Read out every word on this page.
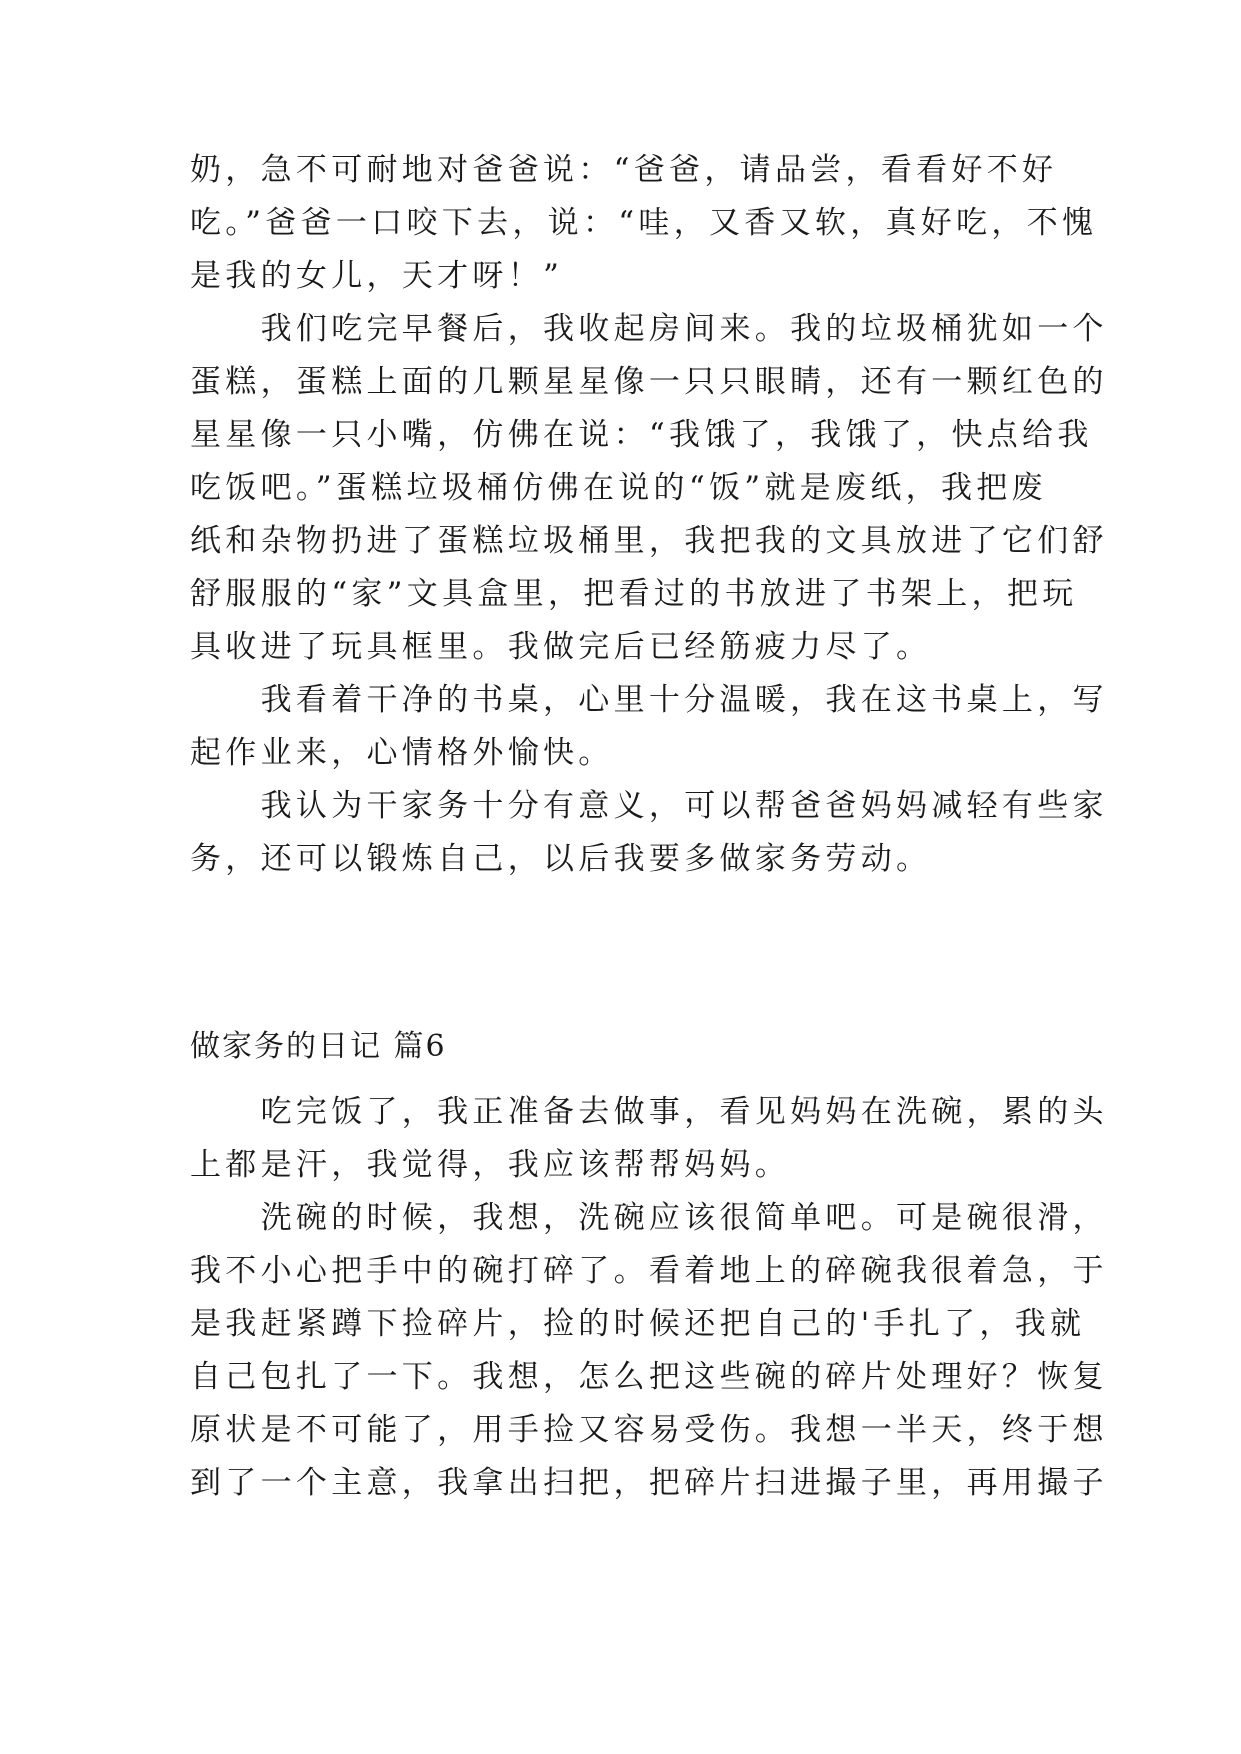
奶，急不可耐地对爸爸说：“爸爸，请品尝，看看好不好
吃。”爸爸一口咬下去，说：“哇，又香又软，真好吃，不愧
是我的女儿，天才呀！”
　　我们吃完早餐后，我收起房间来。我的垃圾桶犹如一个
蛋糕，蛋糕上面的几颗星星像一只只眼睛，还有一颗红色的
星星像一只小嘴，仿佛在说：“我饿了，我饿了，快点给我
吃饭吧。”蛋糕垃圾桶仿佛在说的“饭”就是废纸，我把废
纸和杂物扔进了蛋糕垃圾桶里，我把我的文具放进了它们舒
舒服服的“家”文具盒里，把看过的书放进了书架上，把玩
具收进了玩具框里。我做完后已经筋疲力尽了。
　　我看着干净的书桌，心里十分温暖，我在这书桌上，写
起作业来，心情格外愉快。
　　我认为干家务十分有意义，可以帮爸爸妈妈减轻有些家
务，还可以锻炼自己，以后我要多做家务劳动。
做家务的日记 篇6
　　吃完饭了，我正准备去做事，看见妈妈在洗碗，累的头
上都是汗，我觉得，我应该帮帮妈妈。
　　洗碗的时候，我想，洗碗应该很简单吧。可是碗很滑，
我不小心把手中的碗打碎了。看着地上的碎碗我很着急，于
是我赶紧蹲下捡碎片，捡的时候还把自己的'手扎了，我就
自己包扎了一下。我想，怎么把这些碗的碎片处理好？恢复
原状是不可能了，用手捡又容易受伤。我想一半天，终于想
到了一个主意，我拿出扫把，把碎片扫进撮子里，再用撮子
